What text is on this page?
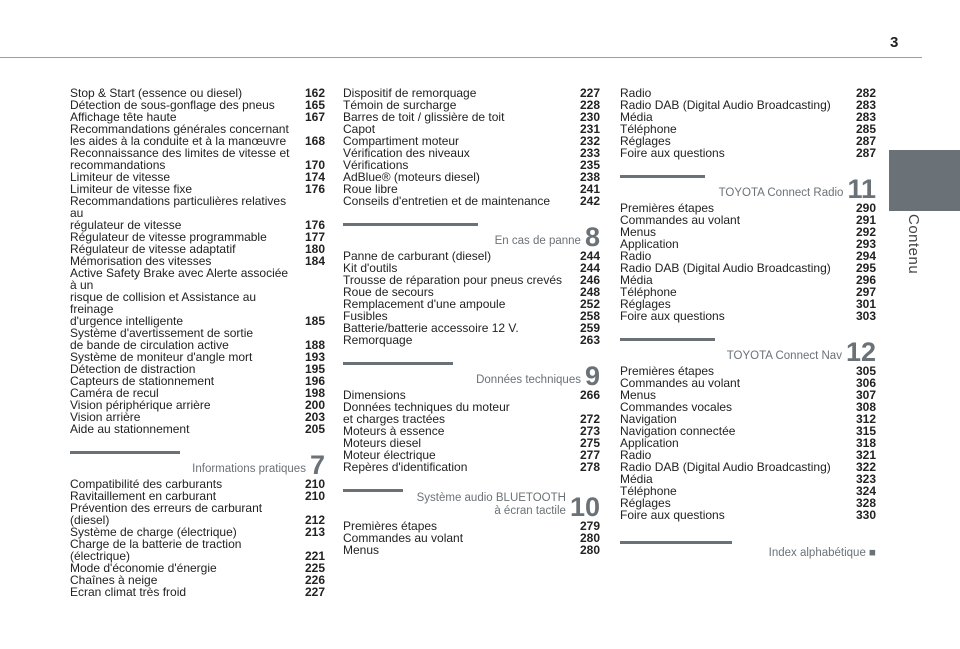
3
Contenu
Stop & Start (essence ou diesel)	162
Détection de sous-gonflage des pneus	165
Affichage tête haute	167
Recommandations générales concernant
les aides à la conduite et à la manœuvre	168
Reconnaissance des limites de vitesse et
recommandations	170
Limiteur de vitesse	174
Limiteur de vitesse fixe	176
Recommandations particulières relatives au
régulateur de vitesse	176
Régulateur de vitesse programmable	177
Régulateur de vitesse adaptatif	180
Mémorisation des vitesses	184
Active Safety Brake avec Alerte associée à un
risque de collision et Assistance au freinage
d'urgence intelligente	185
Système d'avertissement de sortie
de bande de circulation active	188
Système de moniteur d'angle mort	193
Détection de distraction	195
Capteurs de stationnement	196
Caméra de recul	198
Vision périphérique arrière	200
Vision arrière	203
Aide au stationnement	205
Informations pratiques 7
Compatibilité des carburants	210
Ravitaillement en carburant	210
Prévention des erreurs de carburant (diesel)	212
Système de charge (électrique)	213
Charge de la batterie de traction (électrique)	221
Mode d'économie d'énergie	225
Chaînes à neige	226
Ecran climat très froid	227
Dispositif de remorquage	227
Témoin de surcharge	228
Barres de toit / glissière de toit	230
Capot	231
Compartiment moteur	232
Vérification des niveaux	233
Vérifications	235
AdBlue® (moteurs diesel)	238
Roue libre	241
Conseils d'entretien et de maintenance	242
En cas de panne 8
Panne de carburant (diesel)	244
Kit d'outils	244
Trousse de réparation pour pneus crevés	246
Roue de secours	248
Remplacement d'une ampoule	252
Fusibles	258
Batterie/batterie accessoire 12 V.	259
Remorquage	263
Données techniques 9
Dimensions	266
Données techniques du moteur
et charges tractées	272
Moteurs à essence	273
Moteurs diesel	275
Moteur électrique	277
Repères d'identification	278
Système audio BLUETOOTH
à écran tactile 10
Premières étapes	279
Commandes au volant	280
Menus	280
Radio	282
Radio DAB (Digital Audio Broadcasting)	283
Média	283
Téléphone	285
Réglages	287
Foire aux questions	287
TOYOTA Connect Radio 11
Premières étapes	290
Commandes au volant	291
Menus	292
Application	293
Radio	294
Radio DAB (Digital Audio Broadcasting)	295
Média	296
Téléphone	297
Réglages	301
Foire aux questions	303
TOYOTA Connect Nav 12
Premières étapes	305
Commandes au volant	306
Menus	307
Commandes vocales	308
Navigation	312
Navigation connectée	315
Application	318
Radio	321
Radio DAB (Digital Audio Broadcasting)	322
Média	323
Téléphone	324
Réglages	328
Foire aux questions	330
Index alphabétique ■
